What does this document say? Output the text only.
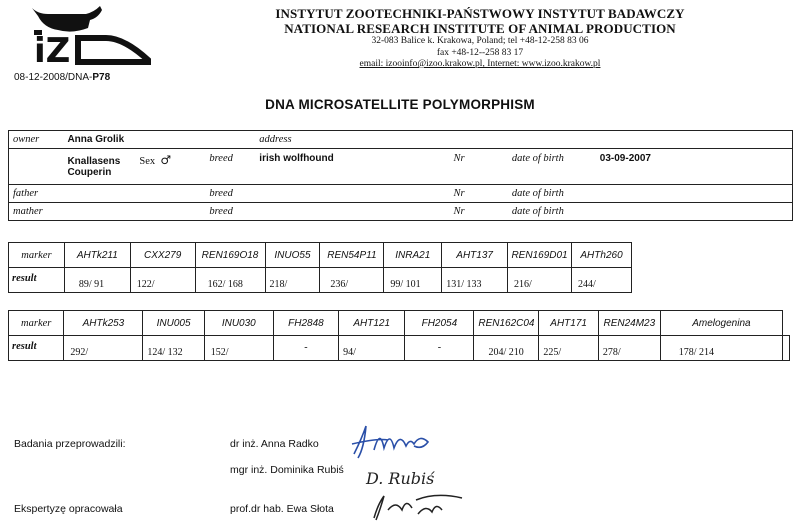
iZ
INSTYTUT ZOOTECHNIKI-PAŃSTWOWY INSTYTUT BADAWCZY
NATIONAL RESEARCH INSTITUTE OF ANIMAL PRODUCTION
32-083 Balice k. Krakowa, Poland; tel +48-12-258 83 06
fax +48-12--258 83 17
email: izooinfo@izoo.krakow.pl, Internet: www.izoo.krakow.pl
08-12-2008/DNA-P78
DNA MICROSATELLITE POLYMORPHISM
owner	Anna Grolik			address			

	Knallasens
Couperin	Sex ♂	breed	irish wolfhound	Nr	date of birth	03-09-2007
father			breed		Nr	date of birth	
mather			breed		Nr	date of birth	
marker	AHTk211	CXX279	REN169O18	INUO55	REN54P11	INRA21	AHT137	REN169D01	AHTh260
result	89/ 91	122/	162/ 168	218/	236/	99/ 101	131/ 133	216/	244/
marker	AHTk253	INU005	INU030	FH2848	AHT121	FH2054	REN162C04	AHT171	REN24M23	Amelogenina	
result	292/	124/ 132	152/	-	94/	-	204/ 210	225/	278/	178/ 214	
Badania przeprowadzili:	dr inż. Anna Radko
mgr inż. Dominika Rubiś
Ekspertyzę opracowała	prof.dr hab. Ewa Słota
D. Rubiś
